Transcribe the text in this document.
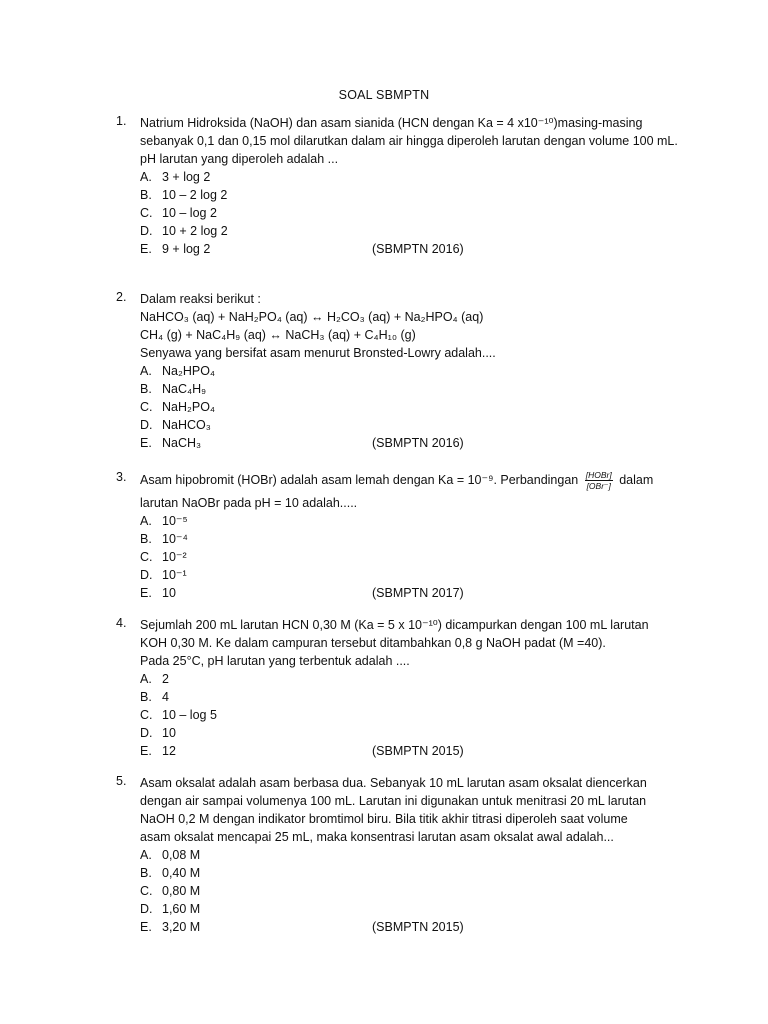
SOAL SBMPTN
1. Natrium Hidroksida (NaOH) dan asam sianida (HCN dengan Ka = 4 x10⁻¹⁰)masing-masing sebanyak 0,1 dan 0,15 mol dilarutkan dalam air hingga diperoleh larutan dengan volume 100 mL. pH larutan yang diperoleh adalah ...
A. 3 + log 2
B. 10 – 2 log 2
C. 10 – log 2
D. 10 + 2 log 2
E. 9 + log 2	(SBMPTN 2016)
2. Dalam reaksi berikut :
NaHCO₃ (aq) + NaH₂PO₄ (aq) ↔ H₂CO₃ (aq) + Na₂HPO₄ (aq)
CH₄ (g) + NaC₄H₉ (aq) ↔ NaCH₃ (aq) + C₄H₁₀ (g)
Senyawa yang bersifat asam menurut Bronsted-Lowry adalah....
A. Na₂HPO₄
B. NaC₄H₉
C. NaH₂PO₄
D. NaHCO₃
E. NaCH₃	(SBMPTN 2016)
3. Asam hipobromit (HOBr) adalah asam lemah dengan Ka = 10⁻⁹. Perbandingan $\frac{\text{[HOBr]}}{\text{[OBr⁻]}}$ dalam
larutan NaOBr pada pH = 10 adalah.....
A. 10⁻⁵
B. 10⁻⁴
C. 10⁻²
D. 10⁻¹
E. 10	(SBMPTN 2017)
4. Sejumlah 200 mL larutan HCN 0,30 M (Ka = 5 x 10⁻¹⁰) dicampurkan dengan 100 mL larutan
KOH 0,30 M. Ke dalam campuran tersebut ditambahkan 0,8 g NaOH padat (M =40).
Pada 25°C, pH larutan yang terbentuk adalah ....
A. 2
B. 4
C. 10 – log 5
D. 10
E. 12	(SBMPTN 2015)
5. Asam oksalat adalah asam berbasa dua. Sebanyak 10 mL larutan asam oksalat diencerkan
dengan air sampai volumenya 100 mL. Larutan ini digunakan untuk menitrasi 20 mL larutan
NaOH 0,2 M dengan indikator bromtimol biru. Bila titik akhir titrasi diperoleh saat volume
asam oksalat mencapai 25 mL, maka konsentrasi larutan asam oksalat awal adalah...
A. 0,08 M
B. 0,40 M
C. 0,80 M
D. 1,60 M
E. 3,20 M	(SBMPTN 2015)
